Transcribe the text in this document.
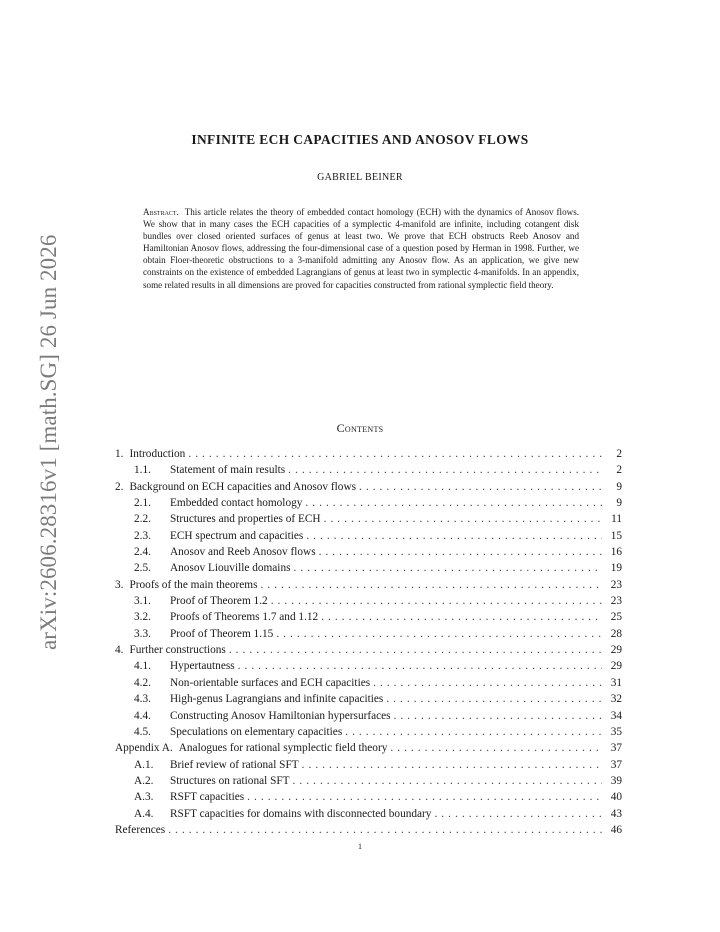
arXiv:2606.28316v1 [math.SG] 26 Jun 2026
INFINITE ECH CAPACITIES AND ANOSOV FLOWS
GABRIEL BEINER
Abstract. This article relates the theory of embedded contact homology (ECH) with the dynamics of Anosov flows. We show that in many cases the ECH capacities of a symplectic 4-manifold are infinite, including cotangent disk bundles over closed oriented surfaces of genus at least two. We prove that ECH obstructs Reeb Anosov and Hamiltonian Anosov flows, addressing the four-dimensional case of a question posed by Herman in 1998. Further, we obtain Floer-theoretic obstructions to a 3-manifold admitting any Anosov flow. As an application, we give new constraints on the existence of embedded Lagrangians of genus at least two in symplectic 4-manifolds. In an appendix, some related results in all dimensions are proved for capacities constructed from rational symplectic field theory.
Contents
1. Introduction . . .	2
1.1.	Statement of main results . . .	2
2. Background on ECH capacities and Anosov flows . . .	9
2.1.	Embedded contact homology . . .	9
2.2.	Structures and properties of ECH . . .	11
2.3.	ECH spectrum and capacities . . .	15
2.4.	Anosov and Reeb Anosov flows . . .	16
2.5.	Anosov Liouville domains . . .	19
3. Proofs of the main theorems . . .	23
3.1.	Proof of Theorem 1.2 . . .	23
3.2.	Proofs of Theorems 1.7 and 1.12 . . .	25
3.3.	Proof of Theorem 1.15 . . .	28
4. Further constructions . . .	29
4.1.	Hypertautness . . .	29
4.2.	Non-orientable surfaces and ECH capacities . . .	31
4.3.	High-genus Lagrangians and infinite capacities . . .	32
4.4.	Constructing Anosov Hamiltonian hypersurfaces . . .	34
4.5.	Speculations on elementary capacities . . .	35
Appendix A. Analogues for rational symplectic field theory . . .	37
A.1.	Brief review of rational SFT . . .	37
A.2.	Structures on rational SFT . . .	39
A.3.	RSFT capacities . . .	40
A.4.	RSFT capacities for domains with disconnected boundary . . .	43
References . . .	46
1
